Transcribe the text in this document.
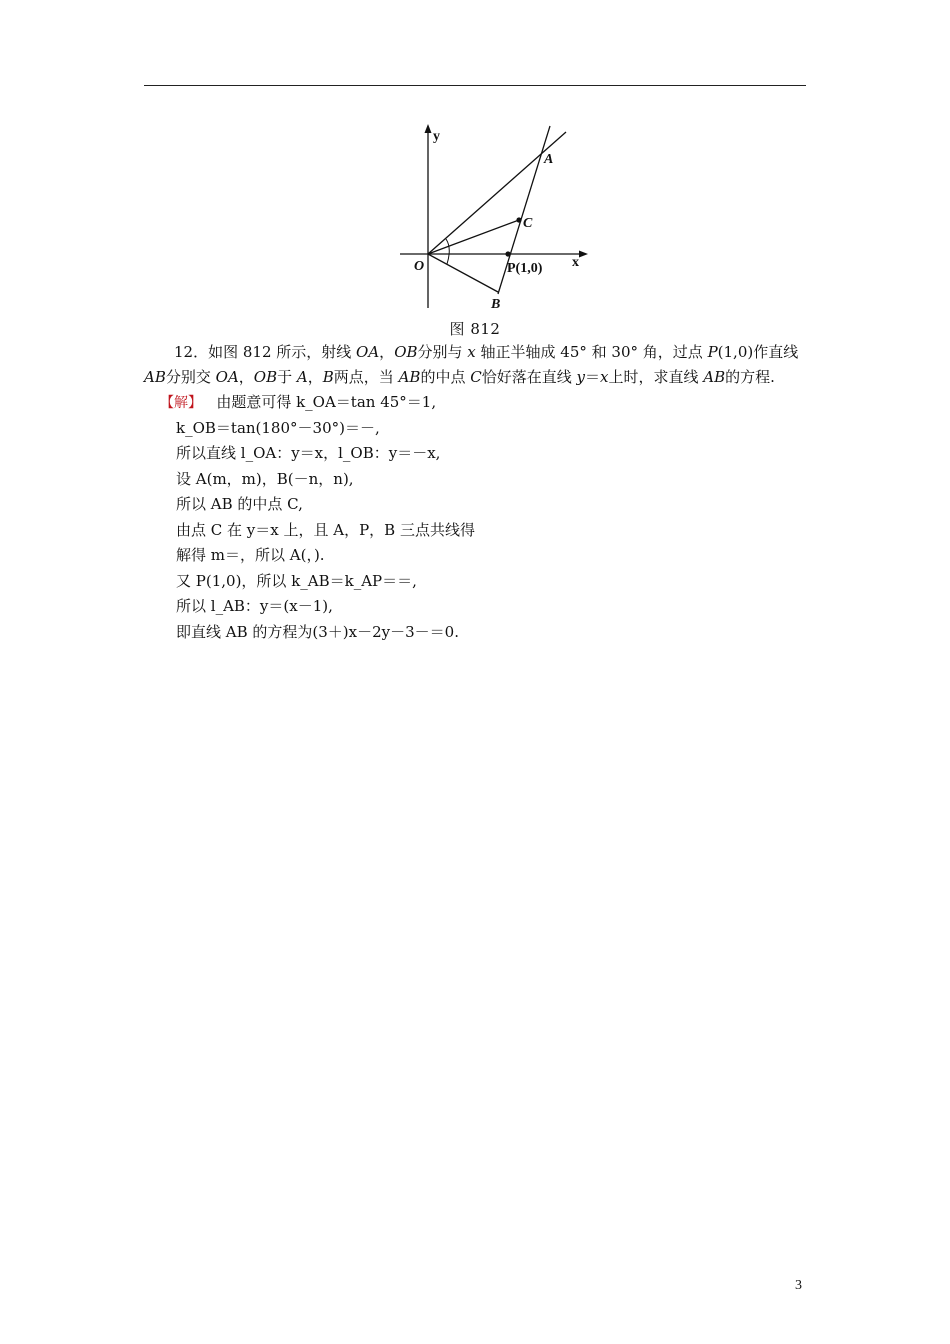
y
x
O
A
B
C
P(1,0)
图 812
12．如图 812 所示，射线 OA，OB分别与 x 轴正半轴成 45° 和 30° 角，过点 P(1,0)作直线 AB分别交 OA，OB于 A，B两点，当 AB的中点 C恰好落在直线 y＝x上时，求直线 AB的方程.
【解】 由题意可得 k_OA＝tan 45°＝1,
k_OB＝tan(180°－30°)＝－,
所以直线 l_OA：y＝x，l_OB：y＝－x,
设 A(m，m)，B(－n，n),
所以 AB 的中点 C,
由点 C 在 y＝x 上，且 A，P，B 三点共线得
解得 m＝，所以 A(，).
又 P(1,0)，所以 k_AB＝k_AP＝＝,
所以 l_AB：y＝(x－1),
即直线 AB 的方程为(3＋)x－2y－3－＝0.
3
